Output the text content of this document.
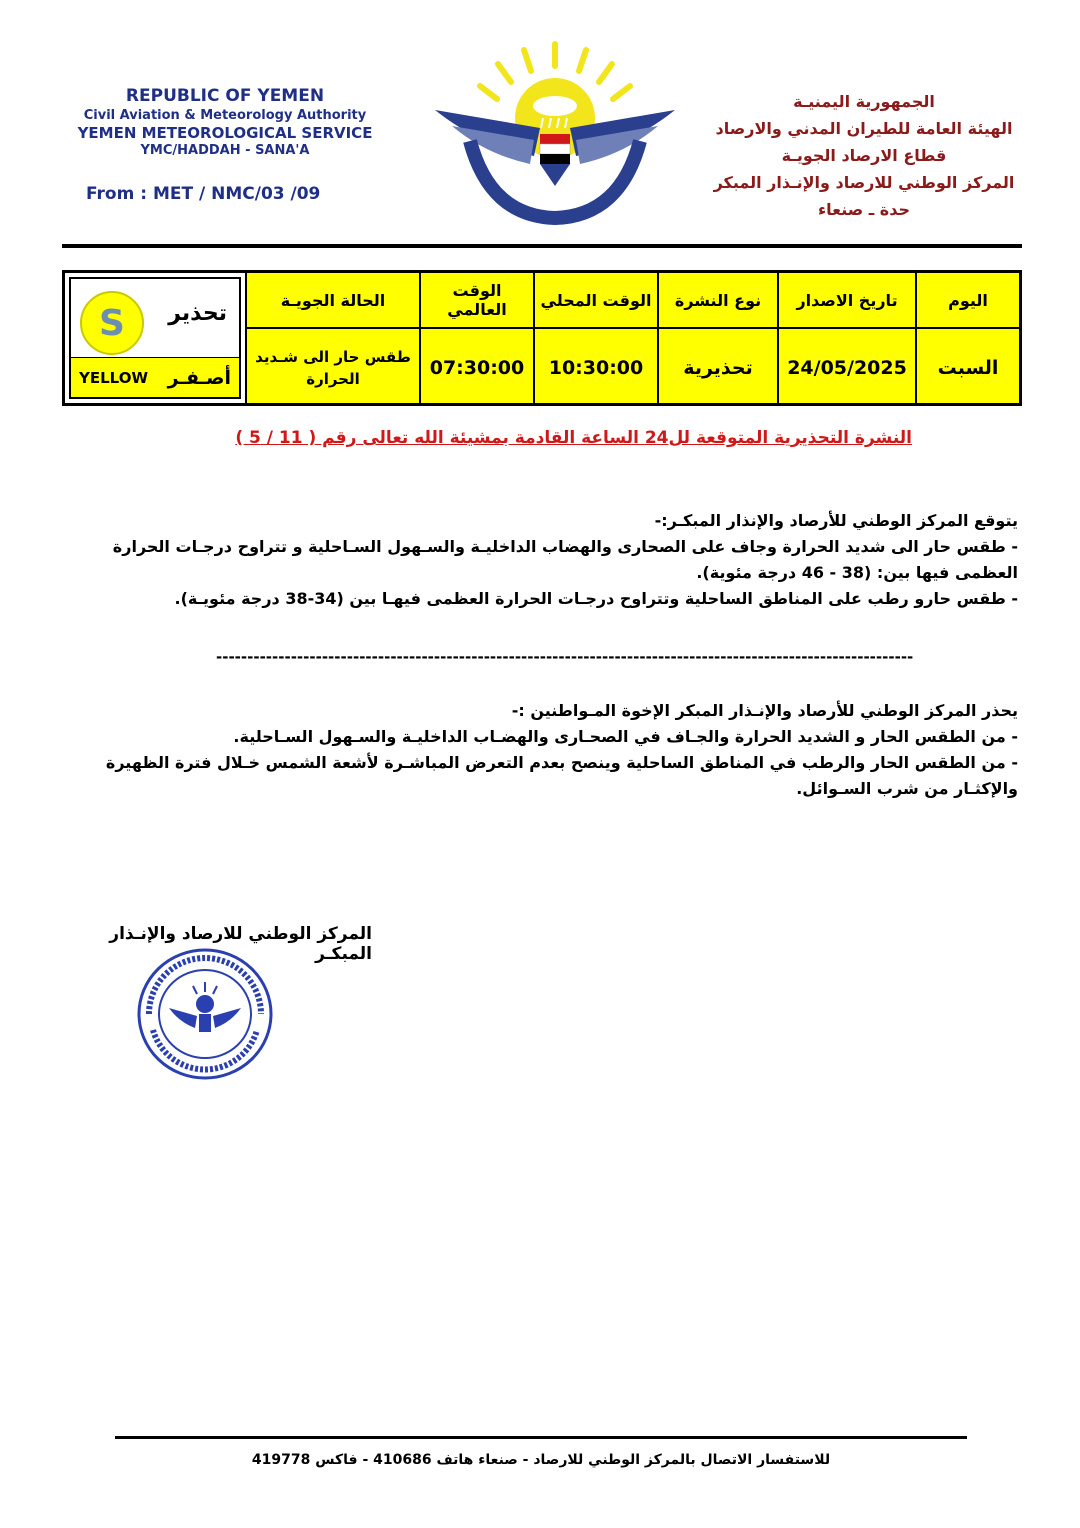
REPUBLIC OF YEMEN
Civil Aviation & Meteorology Authority
YEMEN METEOROLOGICAL SERVICE
YMC/HADDAH - SANA'A
From : MET / NMC/03 /09
الجمهورية اليمنيـة
الهيئة العامة للطيران المدني والارصاد
قطاع الارصاد الجويـة
المركز الوطني للارصاد والإنـذار المبكر
حدة ـ صنعاء
S	تحذير
YELLOW أصـفـر
الحالة الجويـة	الوقت العالمي	الوقت المحلي	نوع النشرة	تاريخ الاصدار	اليوم
طقس حار الى شـديد الحرارة	07:30:00	10:30:00	تحذيرية	24/05/2025	السبت
النشرة التحذيرية المتوقعة لل24 الساعة القادمة بمشيئة الله تعالى رقم ( 11 / 5 )
يتوقع المركز الوطني للأرصاد والإنذار المبكـر:-
- طقس حار الى شديد الحرارة وجاف على الصحارى والهضاب الداخليـة والسـهول السـاحلية و تتراوح درجـات الحرارة العظمى فيها بين: (38 - 46 درجة مئوية).
- طقس حارو رطب على المناطق الساحلية وتتراوح درجـات الحرارة العظمى فيهـا بين (34-38 درجة مئويـة).
----------------------------------------------------------------------------------------------------------------
يحذر المركز الوطني للأرصاد والإنـذار المبكر الإخوة المـواطنين :-
- من الطقس الحار و الشديد الحرارة والجـاف في الصحـارى والهضـاب الداخليـة والسـهول السـاحلية.
- من الطقس الحار والرطب في المناطق الساحلية وينصح بعدم التعرض المباشـرة لأشعة الشمس خـلال فترة الظهيرة والإكثـار من شرب السـوائل.
المركز الوطني للارصاد والإنـذار المبكـر
للاستفسار الاتصال بالمركز الوطني للارصاد - صنعاء هاتف 410686 - فاكس 419778
